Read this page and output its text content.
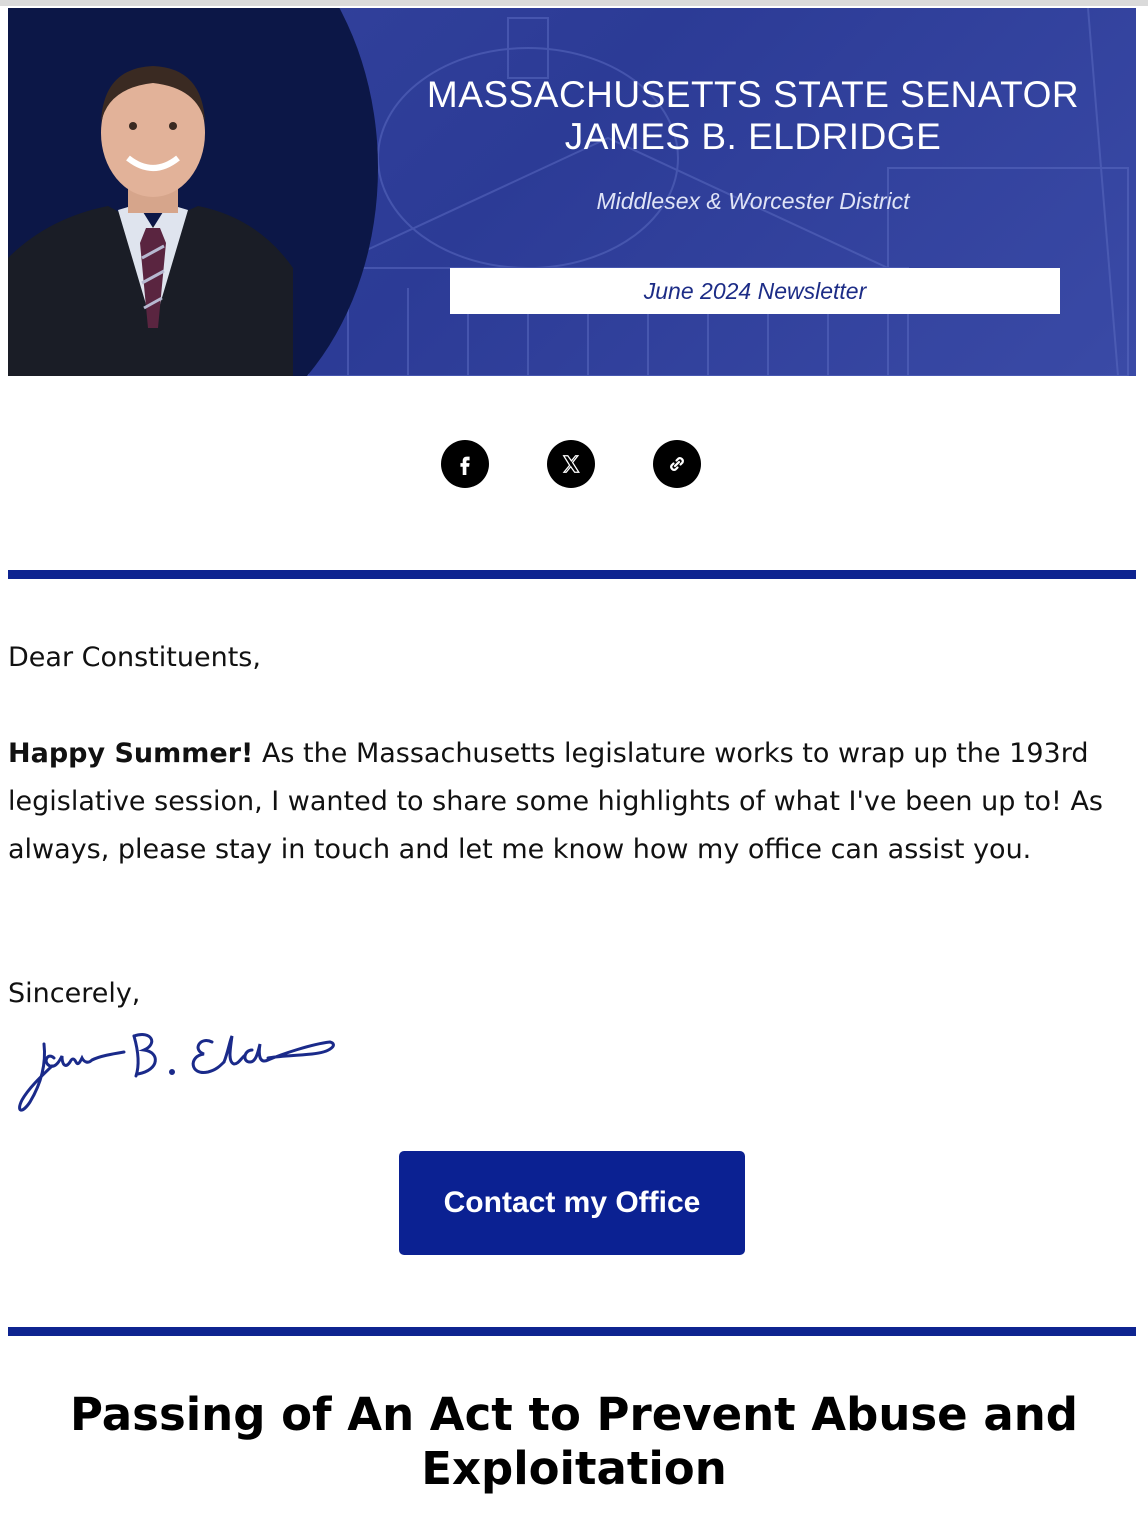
MASSACHUSETTS STATE SENATOR
JAMES B. ELDRIDGE
Middlesex & Worcester District
June 2024 Newsletter
Dear Constituents,
Happy Summer! As the Massachusetts legislature works to wrap up the 193rd legislative session, I wanted to share some highlights of what I've been up to! As always, please stay in touch and let me know how my office can assist you.
Sincerely,
Contact my Office
Passing of An Act to Prevent Abuse and Exploitation
